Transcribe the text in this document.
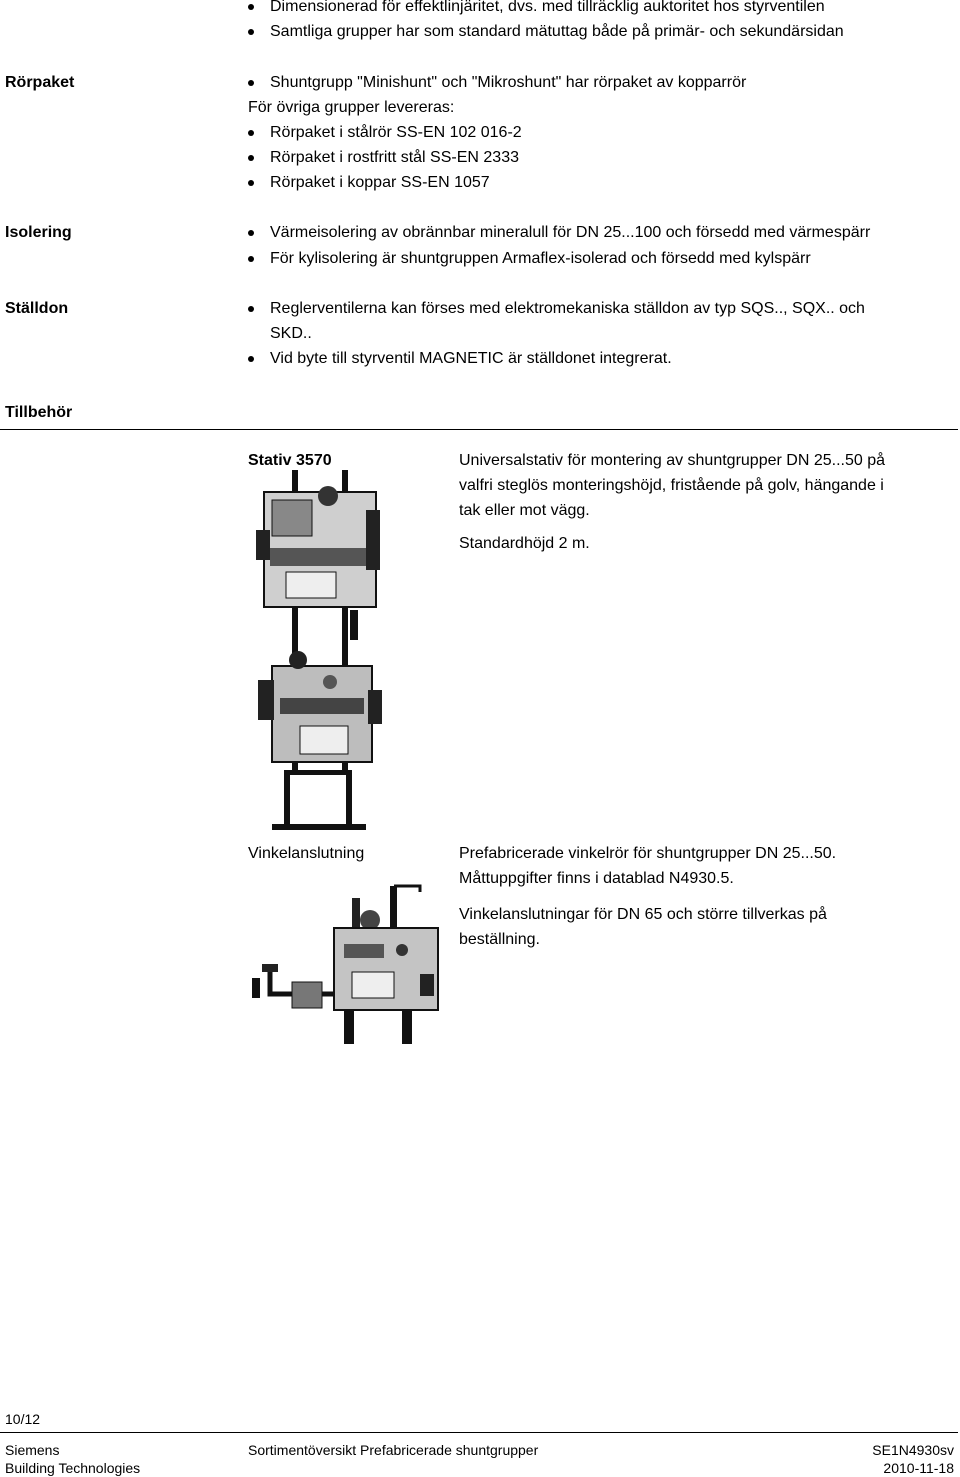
Dimensionerad för effektlinjäritet, dvs. med tillräcklig auktoritet hos styrventilen
Samtliga grupper har som standard mätuttag både på primär- och sekundärsidan
Rörpaket	Shuntgrupp "Minishunt" och "Mikroshunt" har rörpaket av kopparrör
För övriga grupper levereras:
Rörpaket i stålrör SS-EN 102 016-2
Rörpaket i rostfritt stål SS-EN 2333
Rörpaket i koppar SS-EN 1057
Isolering	Värmeisolering av obrännbar mineralull för DN 25...100 och försedd med värmespärr
För kylisolering är shuntgruppen Armaflex-isolerad och försedd med kylspärr
Ställdon	Reglerventilerna kan förses med elektromekaniska ställdon av typ SQS.., SQX.. och
SKD..
Vid byte till styrventil MAGNETIC är ställdonet integrerat.
Tillbehör
Stativ 3570	Universalstativ för montering av shuntgrupper DN 25...50 på
valfri steglös monteringshöjd, fristående på golv, hängande i
tak eller mot vägg.
Standardhöjd 2 m.
Vinkelanslutning	Prefabricerade vinkelrör för shuntgrupper DN 25...50.
Måttuppgifter finns i datablad N4930.5.
Vinkelanslutningar för DN 65 och större tillverkas på
beställning.
10/12
Siemens
Building Technologies
Sortimentöversikt Prefabricerade shuntgrupper	SE1N4930sv
2010-11-18
